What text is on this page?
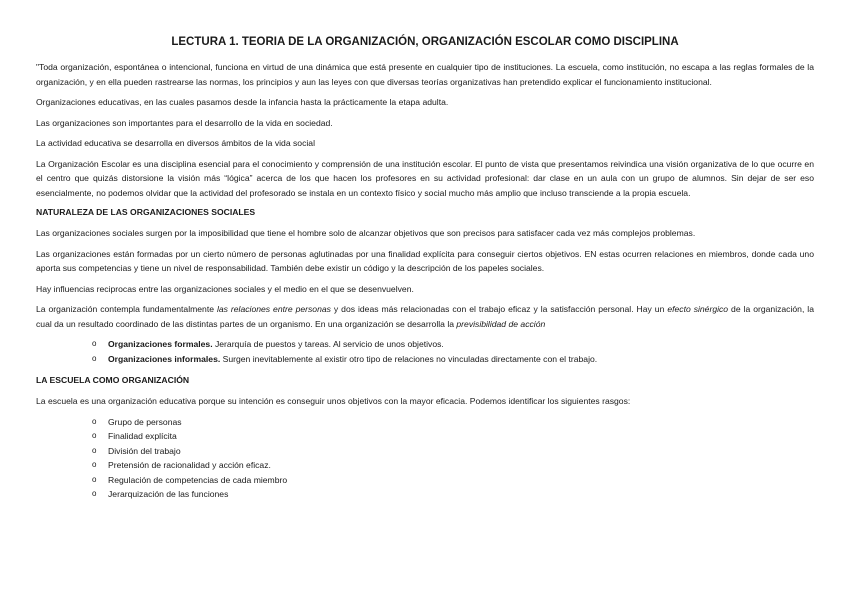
LECTURA 1. TEORIA DE LA ORGANIZACIÓN, ORGANIZACIÓN ESCOLAR COMO DISCIPLINA

"Toda organización, espontánea o intencional, funciona en virtud de una dinámica que está presente en cualquier tipo de instituciones. La escuela, como institución, no escapa a las reglas formales de la organización, y en ella pueden rastrearse las normas, los principios y aun las leyes con que diversas teorías organizativas han pretendido explicar el funcionamiento institucional.

Organizaciones educativas, en las cuales pasamos desde la infancia hasta la prácticamente la etapa adulta.

Las organizaciones son importantes para el desarrollo de la vida en sociedad.

La actividad educativa se desarrolla en diversos ámbitos de la vida social

La Organización Escolar es una disciplina esencial para el conocimiento y comprensión de una institución escolar. El punto de vista que presentamos reivindica una visión organizativa de lo que ocurre en el centro que quizás distorsione la visión más “lógica” acerca de los que hacen los profesores en su actividad profesional: dar clase en un aula con un grupo de alumnos. Sin dejar de ser eso esencialmente, no podemos olvidar que la actividad del profesorado se instala en un contexto físico y social mucho más amplio que incluso transciende a la propia escuela.

NATURALEZA DE LAS ORGANIZACIONES SOCIALES

Las organizaciones sociales surgen por la imposibilidad que tiene el hombre solo de alcanzar objetivos que son precisos para satisfacer cada vez más complejos problemas.

Las organizaciones están formadas por un cierto número de personas aglutinadas por una finalidad explícita para conseguir ciertos objetivos. EN estas ocurren relaciones en miembros, donde cada uno aporta sus competencias y tiene un nivel de responsabilidad. También debe existir un código y la descripción de los papeles sociales.

Hay influencias reciprocas entre las organizaciones sociales y el medio en el que se desenvuelven.

La organización contempla fundamentalmente las relaciones entre personas y dos ideas más relacionadas con el trabajo eficaz y la satisfacción personal. Hay un efecto sinérgico de la organización, la cual da un resultado coordinado de las distintas partes de un organismo. En una organización se desarrolla la previsibilidad de acción

o Organizaciones formales. Jerarquía de puestos y tareas. Al servicio de unos objetivos.
o Organizaciones informales. Surgen inevitablemente al existir otro tipo de relaciones no vinculadas directamente con el trabajo.
LA ESCUELA COMO ORGANIZACIÓN

La escuela es una organización educativa porque su intención es conseguir unos objetivos con la mayor eficacia. Podemos identificar los siguientes rasgos:

o Grupo de personas
o Finalidad explícita
o División del trabajo
o Pretensión de racionalidad y acción eficaz.
o Regulación de competencias de cada miembro
o Jerarquización de las funciones
